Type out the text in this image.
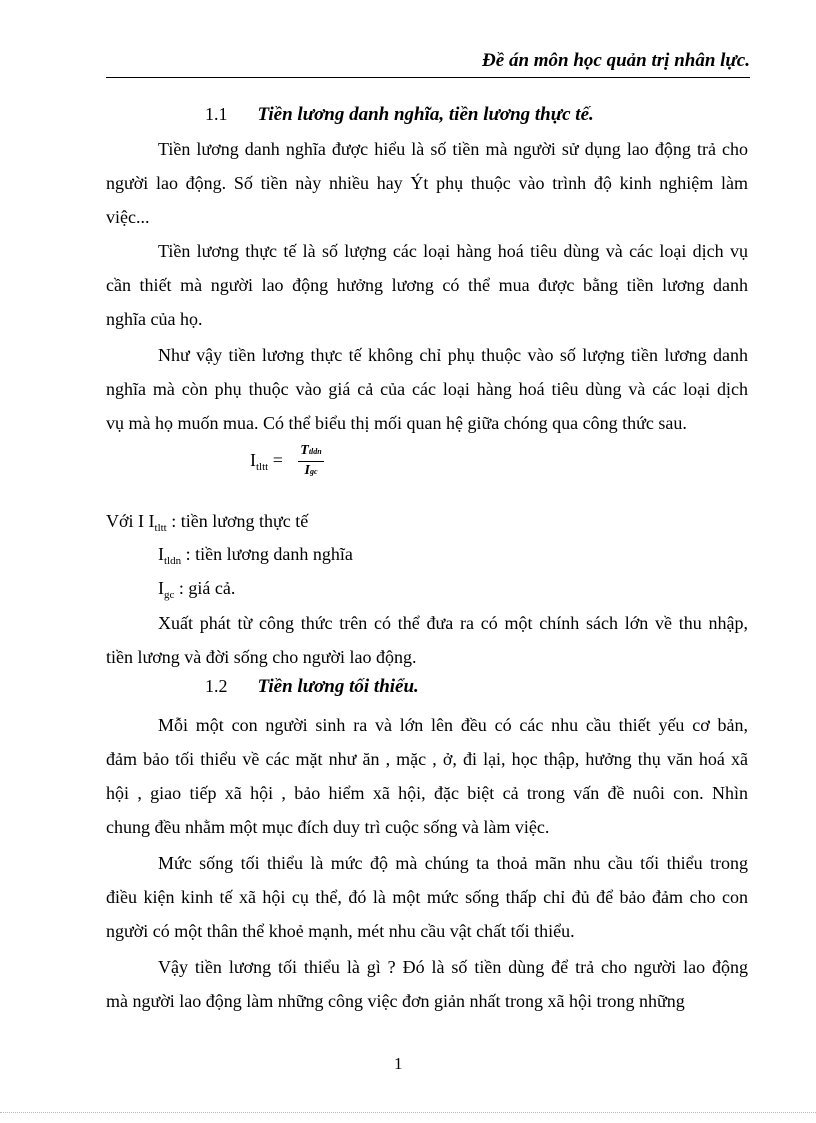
Đề án môn học quản trị nhân lực.
1.1 Tiền lương danh nghĩa, tiền lương thực tế.
Tiền lương danh nghĩa được hiểu là số tiền mà người sử dụng lao động trả cho
người lao động. Số tiền này nhiều hay Ýt phụ thuộc vào trình độ kinh nghiệm làm
việc...
Tiền lương thực tế là số lượng các loại hàng hoá tiêu dùng và các loại dịch vụ
cần thiết mà người lao động hưởng lương có thể mua được bằng tiền lương danh
nghĩa của họ.
Như vậy tiền lương thực tế không chỉ phụ thuộc vào số lượng tiền lương danh
nghĩa mà còn phụ thuộc vào giá cả của các loại hàng hoá tiêu dùng và các loại dịch
vụ mà họ muốn mua. Có thể biểu thị mối quan hệ giữa chóng qua công thức sau.
$I_{tltt}$ = Ttldn
Igc
Với I $I_{tltt}$ : tiền lương thực tế
$I_{tldn}$ : tiền lương danh nghĩa
$I_{gc}$ : giá cả.
Xuất phát từ công thức trên có thể đưa ra có một chính sách lớn về thu nhập,
tiền lương và đời sống cho người lao động.
1.2 Tiền lương tối thiểu.
Mỗi một con người sinh ra và lớn lên đều có các nhu cầu thiết yếu cơ bản,
đảm bảo tối thiểu về các mặt như ăn , mặc , ở, đi lại, học thập, hưởng thụ văn hoá xã
hội , giao tiếp xã hội , bảo hiểm xã hội, đặc biệt cả trong vấn đề nuôi con. Nhìn
chung đều nhằm một mục đích duy trì cuộc sống và làm việc.
Mức sống tối thiểu là mức độ mà chúng ta thoả mãn nhu cầu tối thiểu trong
điều kiện kinh tế xã hội cụ thể, đó là một mức sống thấp chỉ đủ để bảo đảm cho con
người có một thân thể khoẻ mạnh, mét nhu cầu vật chất tối thiểu.
Vậy tiền lương tối thiểu là gì ? Đó là số tiền dùng để trả cho người lao động
mà người lao động làm những công việc đơn giản nhất trong xã hội trong những
1
